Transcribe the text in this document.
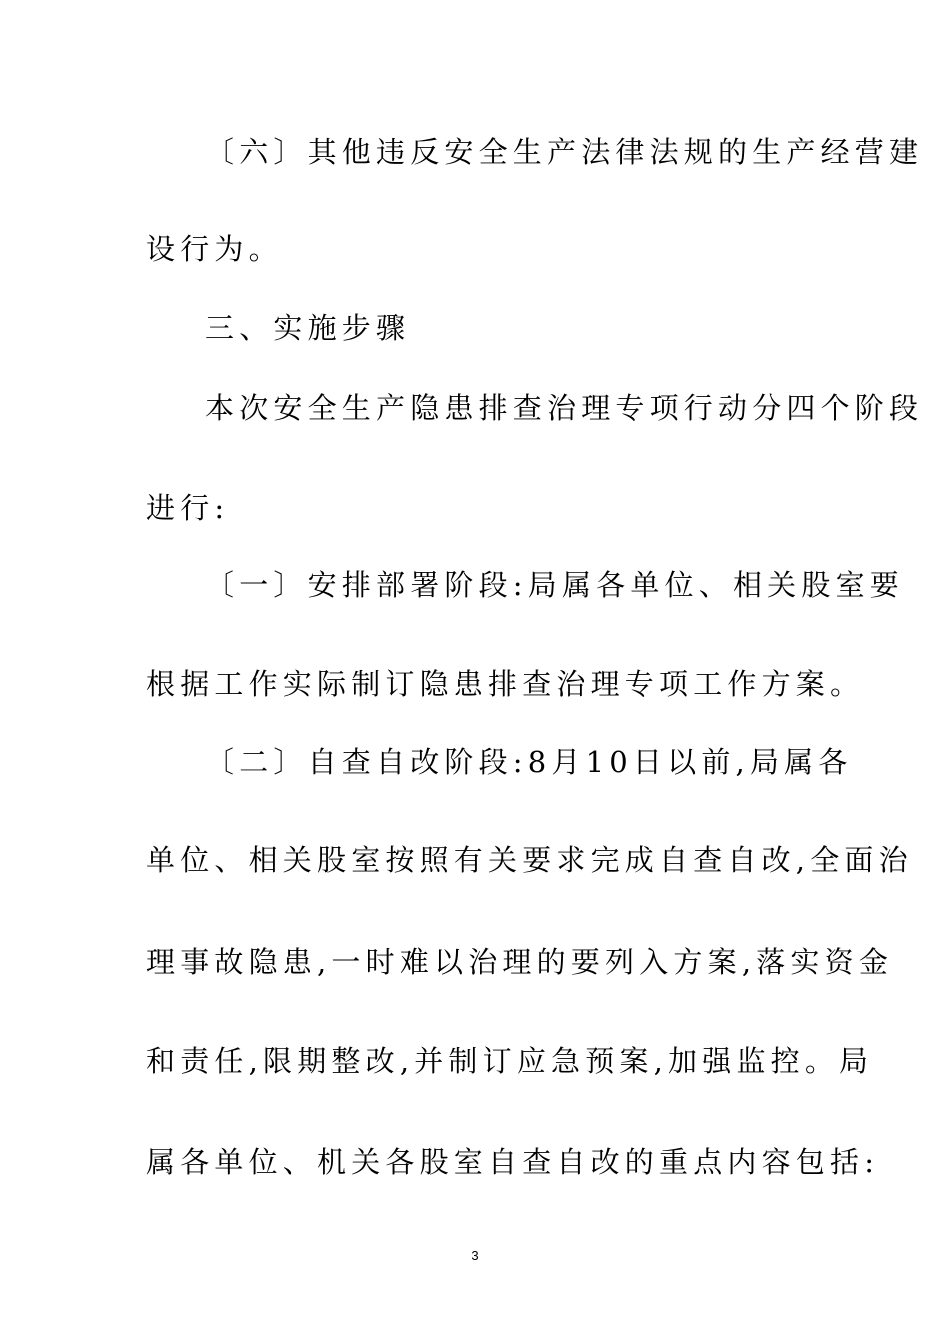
〔六〕其他违反安全生产法律法规的生产经营建
设行为。
三、实施步骤
本次安全生产隐患排查治理专项行动分四个阶段
进行:
〔一〕安排部署阶段:局属各单位、相关股室要
根据工作实际制订隐患排查治理专项工作方案。
〔二〕自查自改阶段:8月10日以前,局属各
单位、相关股室按照有关要求完成自查自改,全面治
理事故隐患,一时难以治理的要列入方案,落实资金
和责任,限期整改,并制订应急预案,加强监控。局
属各单位、机关各股室自查自改的重点内容包括:
3
